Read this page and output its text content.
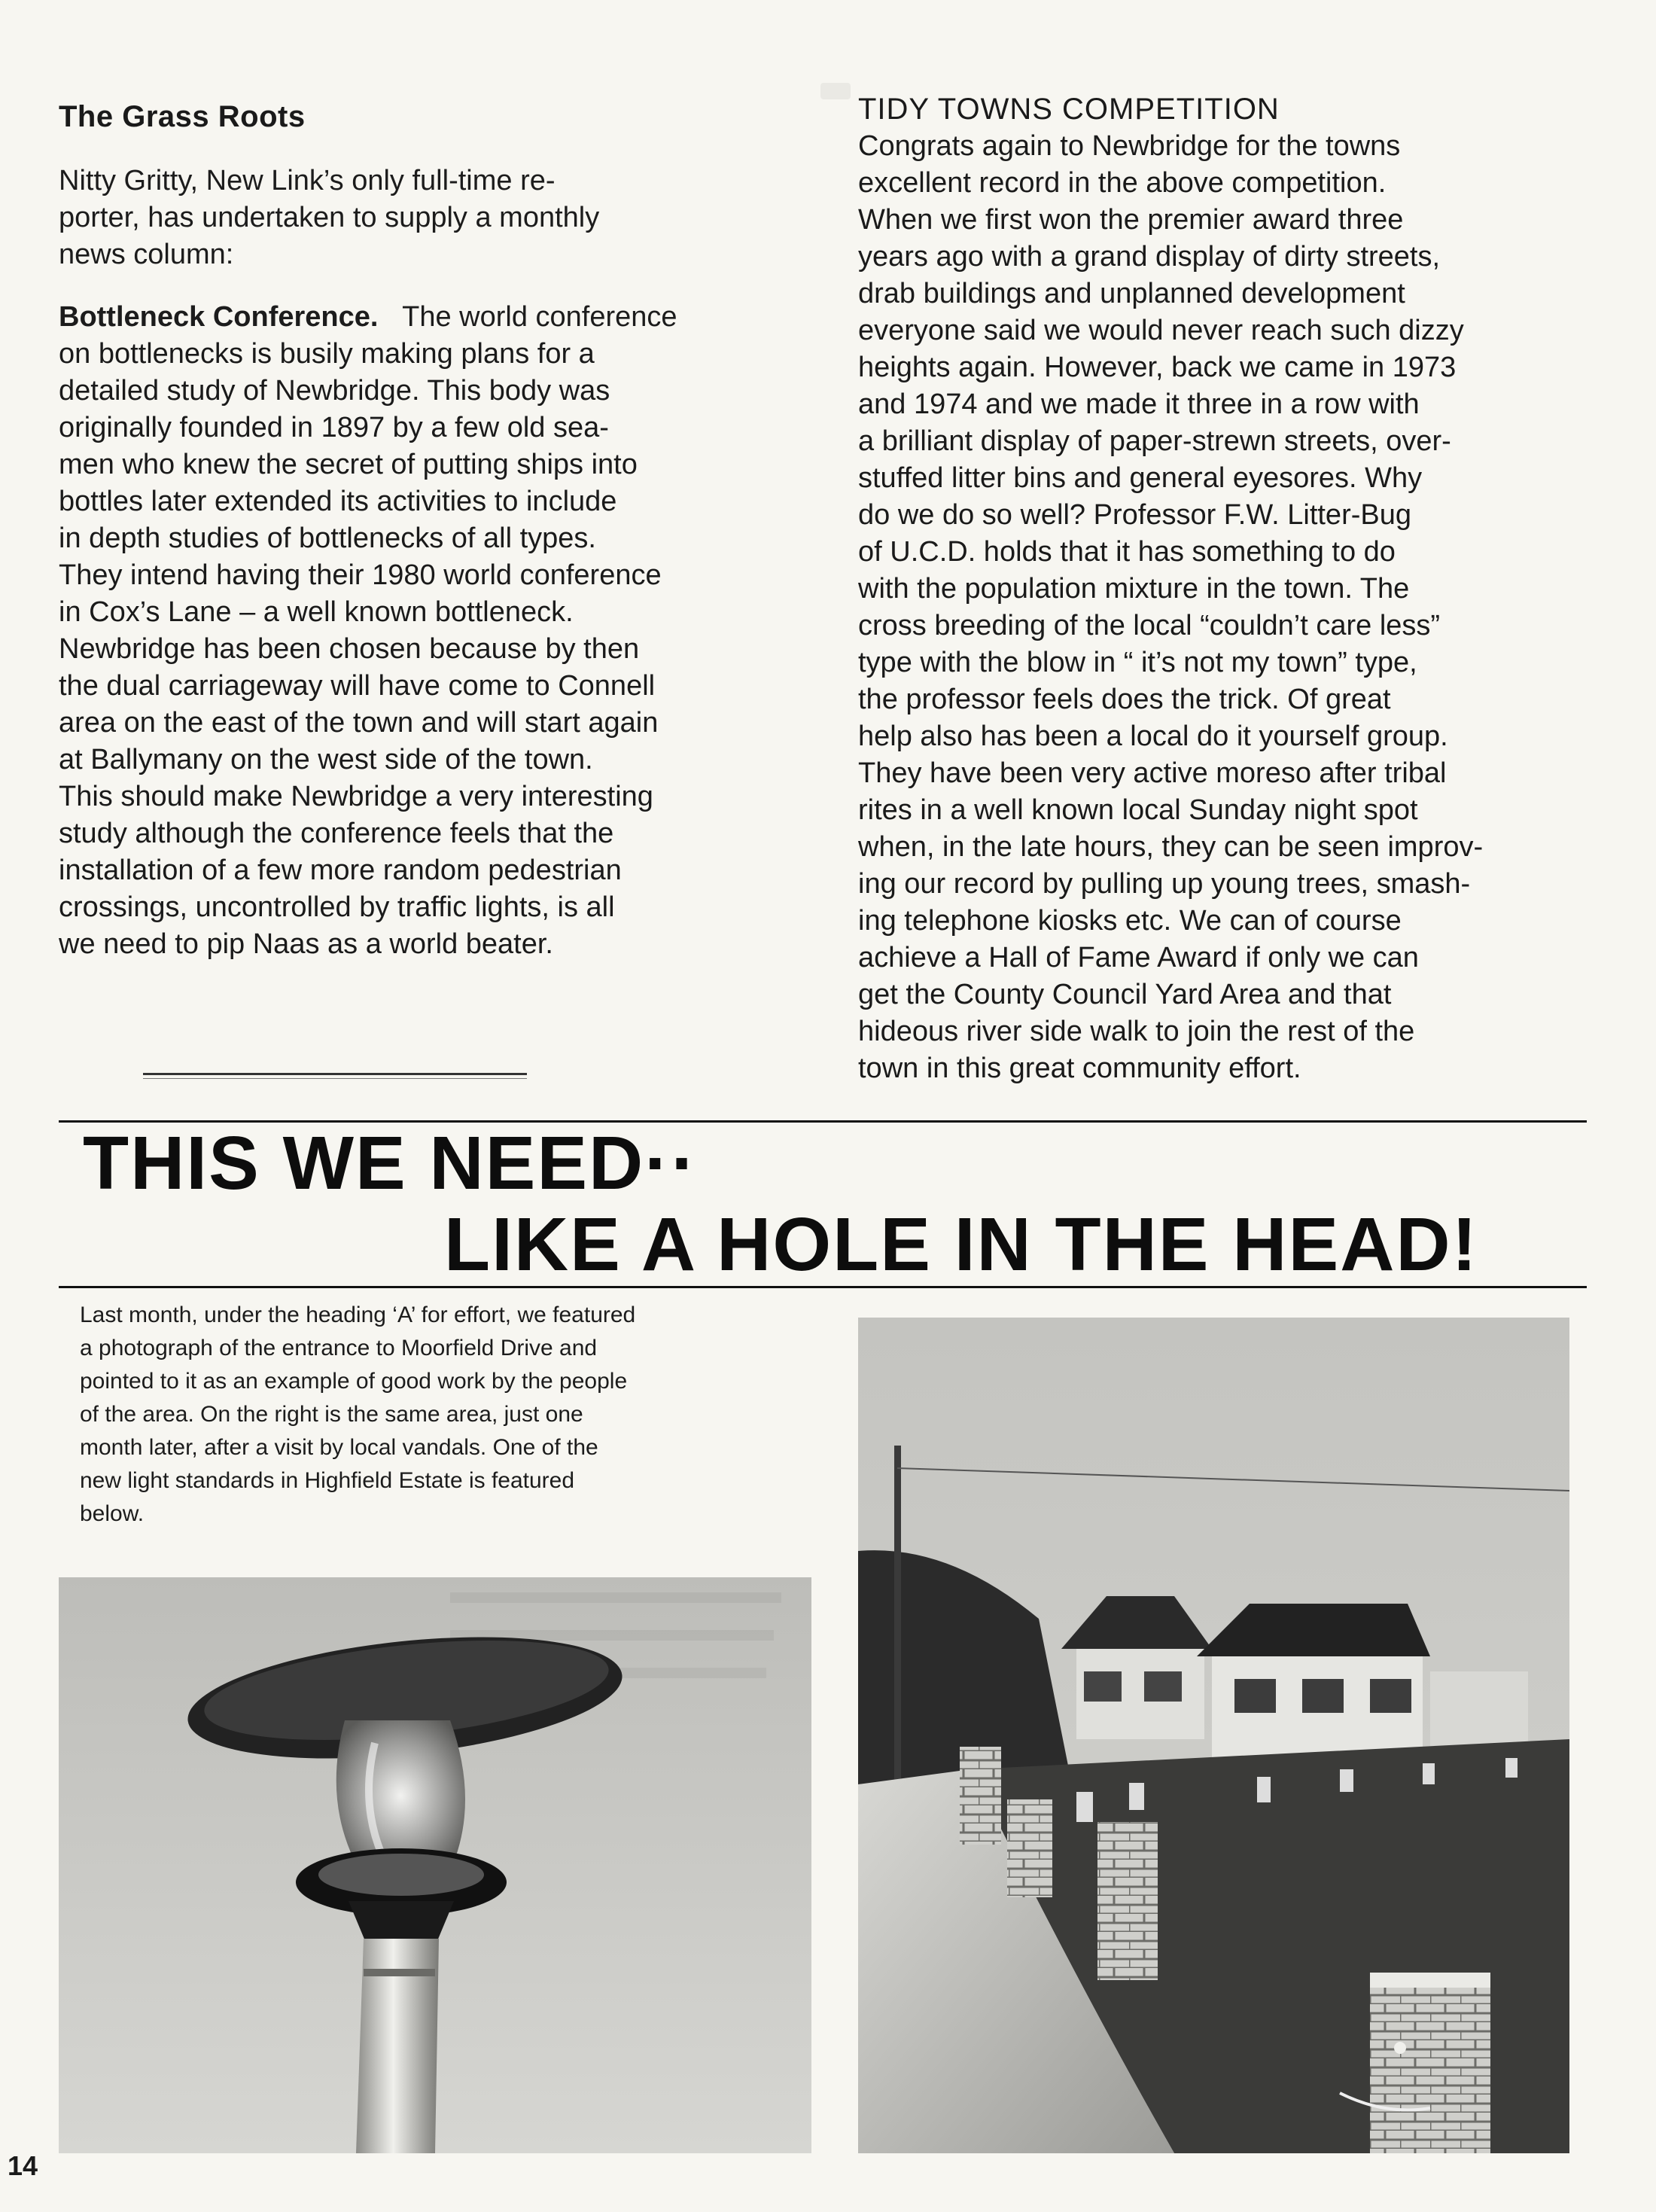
The Grass Roots
Nitty Gritty, New Link’s only full-time re-
porter, has undertaken to supply a monthly
news column:
Bottleneck Conference. The world conference
on bottlenecks is busily making plans for a
detailed study of Newbridge. This body was
originally founded in 1897 by a few old sea-
men who knew the secret of putting ships into
bottles later extended its activities to include
in depth studies of bottlenecks of all types.
They intend having their 1980 world conference
in Cox’s Lane – a well known bottleneck.
Newbridge has been chosen because by then
the dual carriageway will have come to Connell
area on the east of the town and will start again
at Ballymany on the west side of the town.
This should make Newbridge a very interesting
study although the conference feels that the
installation of a few more random pedestrian
crossings, uncontrolled by traffic lights, is all
we need to pip Naas as a world beater.
TIDY TOWNS COMPETITION
Congrats again to Newbridge for the towns
excellent record in the above competition.
When we first won the premier award three
years ago with a grand display of dirty streets,
drab buildings and unplanned development
everyone said we would never reach such dizzy
heights again. However, back we came in 1973
and 1974 and we made it three in a row with
a brilliant display of paper-strewn streets, over-
stuffed litter bins and general eyesores. Why
do we do so well? Professor F.W. Litter-Bug
of U.C.D. holds that it has something to do
with the population mixture in the town. The
cross breeding of the local “couldn’t care less”
type with the blow in “ it’s not my town” type,
the professor feels does the trick. Of great
help also has been a local do it yourself group.
They have been very active moreso after tribal
rites in a well known local Sunday night spot
when, in the late hours, they can be seen improv-
ing our record by pulling up young trees, smash-
ing telephone kiosks etc. We can of course
achieve a Hall of Fame Award if only we can
get the County Council Yard Area and that
hideous river side walk to join the rest of the
town in this great community effort.
THIS WE NEED··
LIKE A HOLE IN THE HEAD!
Last month, under the heading ‘A’ for effort, we featured
a photograph of the entrance to Moorfield Drive and
pointed to it as an example of good work by the people
of the area. On the right is the same area, just one
month later, after a visit by local vandals. One of the
new light standards in Highfield Estate is featured
below.
14
